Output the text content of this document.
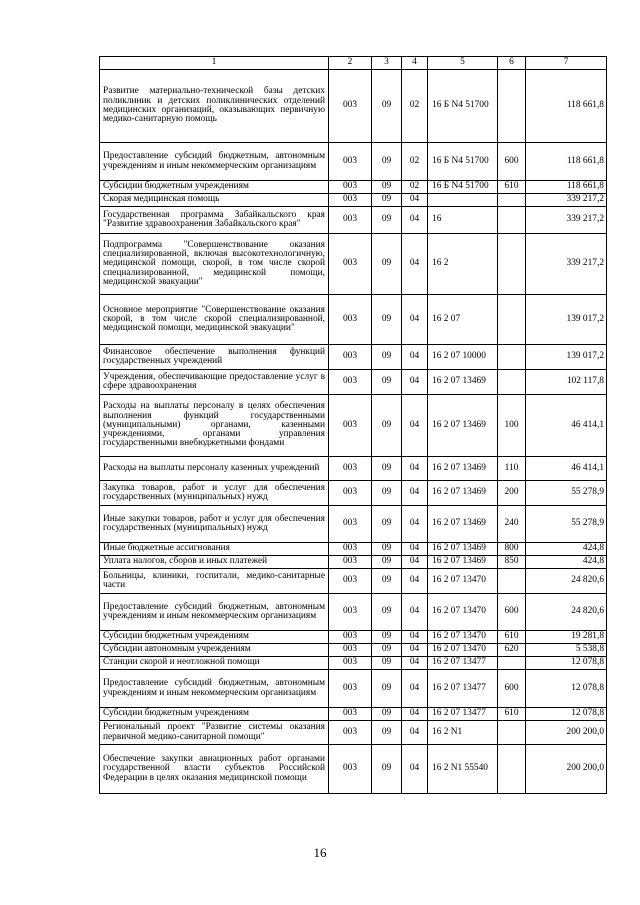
1	2	3	4	5	6	7
Развитие материально-технической базы детских поликлиник и детских поликлинических отделений медицинских организаций, оказывающих первичную медико-санитарную помощь	003	09	02	16 Б N4 51700		118 661,8
Предоставление субсидий бюджетным, автономным учреждениям и иным некоммерческим организациям	003	09	02	16 Б N4 51700	600	118 661,8
Субсидии бюджетным учреждениям	003	09	02	16 Б N4 51700	610	118 661,8
Скорая медицинская помощь	003	09	04			339 217,2
Государственная программа Забайкальского края "Развитие здравоохранения Забайкальского края"	003	09	04	16		339 217,2
Подпрограмма "Совершенствование оказания специализированной, включая высокотехнологичную, медицинской помощи, скорой, в том числе скорой специализированной, медицинской помощи, медицинской эвакуации"	003	09	04	16 2		339 217,2
Основное мероприятие "Совершенствование оказания скорой, в том числе скорой специализированной, медицинской помощи, медицинской эвакуации"	003	09	04	16 2 07		139 017,2
Финансовое обеспечение выполнения функций государственных учреждений	003	09	04	16 2 07 10000		139 017,2
Учреждения, обеспечивающие предоставление услуг в сфере здравоохранения	003	09	04	16 2 07 13469		102 117,8
Расходы на выплаты персоналу в целях обеспечения выполнения функций государственными (муниципальными) органами, казенными учреждениями, органами управления государственными внебюджетными фондами	003	09	04	16 2 07 13469	100	46 414,1
Расходы на выплаты персоналу казенных учреждений	003	09	04	16 2 07 13469	110	46 414,1
Закупка товаров, работ и услуг для обеспечения государственных (муниципальных) нужд	003	09	04	16 2 07 13469	200	55 278,9
Иные закупки товаров, работ и услуг для обеспечения государственных (муниципальных) нужд	003	09	04	16 2 07 13469	240	55 278,9
Иные бюджетные ассигнования	003	09	04	16 2 07 13469	800	424,8
Уплата налогов, сборов и иных платежей	003	09	04	16 2 07 13469	850	424,8
Больницы, клиники, госпитали, медико-санитарные части	003	09	04	16 2 07 13470		24 820,6
Предоставление субсидий бюджетным, автономным учреждениям и иным некоммерческим организациям	003	09	04	16 2 07 13470	600	24 820,6
Субсидии бюджетным учреждениям	003	09	04	16 2 07 13470	610	19 281,8
Субсидии автономным учреждениям	003	09	04	16 2 07 13470	620	5 538,8
Станции скорой и неотложной помощи	003	09	04	16 2 07 13477		12 078,8
Предоставление субсидий бюджетным, автономным учреждениям и иным некоммерческим организациям	003	09	04	16 2 07 13477	600	12 078,8
Субсидии бюджетным учреждениям	003	09	04	16 2 07 13477	610	12 078,8
Региональный проект "Развитие системы оказания первичной медико-санитарной помощи"	003	09	04	16 2 N1		200 200,0
Обеспечение закупки авиационных работ органами государственной власти субъектов Российской Федерации в целях оказания медицинской помощи	003	09	04	16 2 N1 55540		200 200,0
16
